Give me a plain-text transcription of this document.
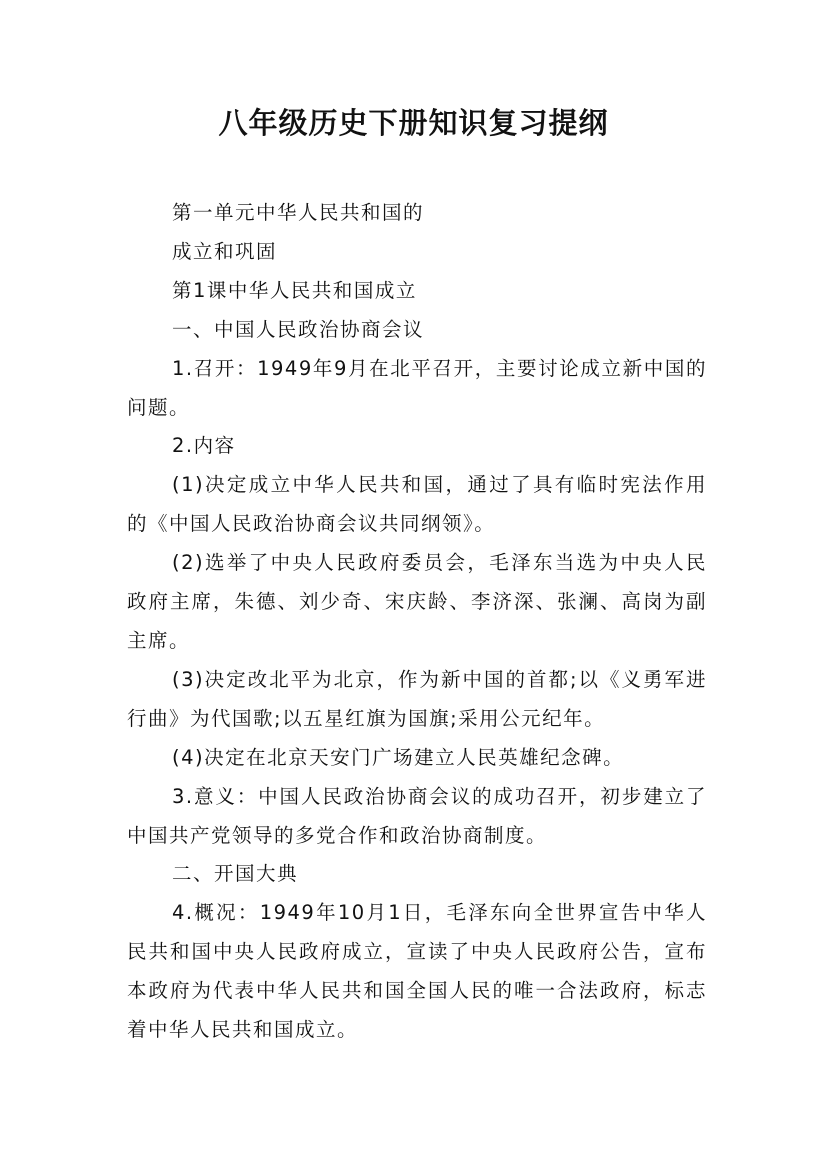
八年级历史下册知识复习提纲

第一单元中华人民共和国的

成立和巩固

第1课中华人民共和国成立

一、中国人民政治协商会议

1.召开：1949年9月在北平召开，主要讨论成立新中国的问题。

2.内容

(1)决定成立中华人民共和国，通过了具有临时宪法作用的《中国人民政治协商会议共同纲领》。

(2)选举了中央人民政府委员会，毛泽东当选为中央人民政府主席，朱德、刘少奇、宋庆龄、李济深、张澜、高岗为副主席。

(3)决定改北平为北京，作为新中国的首都;以《义勇军进行曲》为代国歌;以五星红旗为国旗;采用公元纪年。

(4)决定在北京天安门广场建立人民英雄纪念碑。

3.意义：中国人民政治协商会议的成功召开，初步建立了中国共产党领导的多党合作和政治协商制度。

二、开国大典

4.概况：1949年10月1日，毛泽东向全世界宣告中华人民共和国中央人民政府成立，宣读了中央人民政府公告，宣布本政府为代表中华人民共和国全国人民的唯一合法政府，标志着中华人民共和国成立。
